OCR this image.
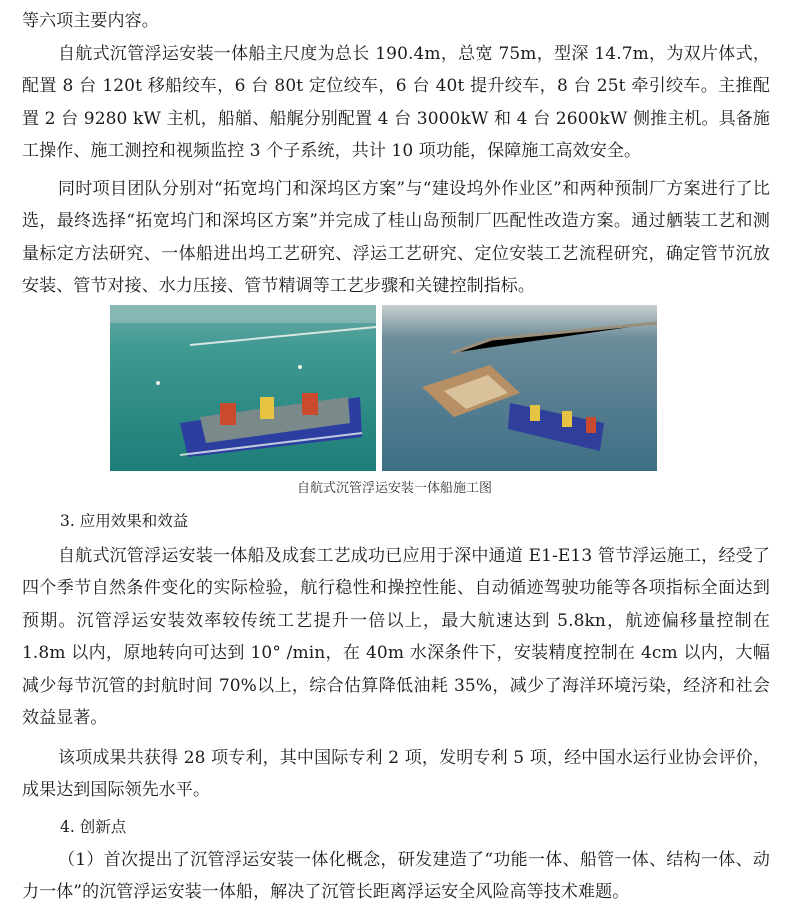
等六项主要内容。

自航式沉管浮运安装一体船主尺度为总长 190.4m，总宽 75m，型深 14.7m，为双片体式，配置 8 台 120t 移船绞车，6 台 80t 定位绞车，6 台 40t 提升绞车，8 台 25t 牵引绞车。主推配置 2 台 9280 kW 主机，船艏、船艉分别配置 4 台 3000kW 和 4 台 2600kW 侧推主机。具备施工操作、施工测控和视频监控 3 个子系统，共计 10 项功能，保障施工高效安全。

同时项目团队分别对“拓宽坞门和深坞区方案”与“建设坞外作业区”和两种预制厂方案进行了比选，最终选择“拓宽坞门和深坞区方案”并完成了桂山岛预制厂匹配性改造方案。通过舾装工艺和测量标定方法研究、一体船进出坞工艺研究、浮运工艺研究、定位安装工艺流程研究，确定管节沉放安装、管节对接、水力压接、管节精调等工艺步骤和关键控制指标。

自航式沉管浮运安装一体船施工图
3. 应用效果和效益

自航式沉管浮运安装一体船及成套工艺成功已应用于深中通道 E1-E13 管节浮运施工，经受了四个季节自然条件变化的实际检验，航行稳性和操控性能、自动循迹驾驶功能等各项指标全面达到预期。沉管浮运安装效率较传统工艺提升一倍以上，最大航速达到 5.8kn，航迹偏移量控制在 1.8m 以内，原地转向可达到 10° /min，在 40m 水深条件下，安装精度控制在 4cm 以内，大幅减少每节沉管的封航时间 70%以上，综合估算降低油耗 35%，减少了海洋环境污染，经济和社会效益显著。

该项成果共获得 28 项专利，其中国际专利 2 项，发明专利 5 项，经中国水运行业协会评价，成果达到国际领先水平。

4. 创新点

（1）首次提出了沉管浮运安装一体化概念，研发建造了“功能一体、船管一体、结构一体、动力一体”的沉管浮运安装一体船，解决了沉管长距离浮运安全风险高等技术难题。
